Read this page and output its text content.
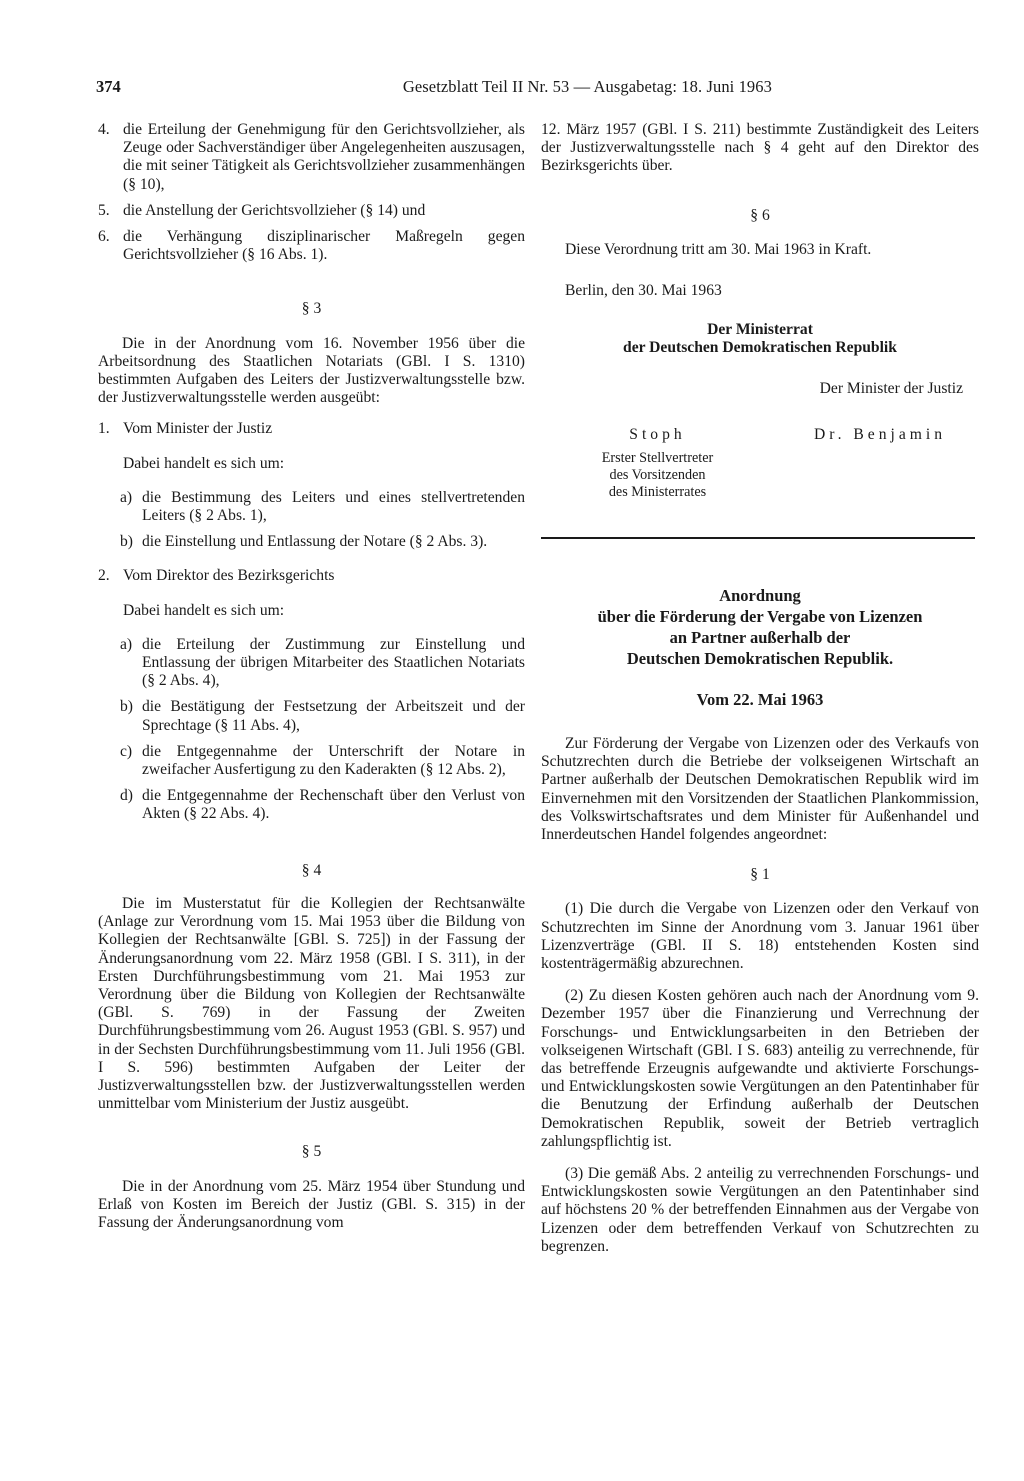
374	Gesetzblatt Teil II Nr. 53 — Ausgabetag: 18. Juni 1963
4. die Erteilung der Genehmigung für den Gerichtsvollzieher, als Zeuge oder Sachverständiger über Angelegenheiten auszusagen, die mit seiner Tätigkeit als Gerichtsvollzieher zusammenhängen (§ 10),
5. die Anstellung der Gerichtsvollzieher (§ 14) und
6. die Verhängung disziplinarischer Maßregeln gegen Gerichtsvollzieher (§ 16 Abs. 1).
§ 3

Die in der Anordnung vom 16. November 1956 über die Arbeitsordnung des Staatlichen Notariats (GBl. I S. 1310) bestimmten Aufgaben des Leiters der Justizverwaltungsstelle bzw. der Justizverwaltungsstelle werden ausgeübt:

1. Vom Minister der Justiz

Dabei handelt es sich um:

a) die Bestimmung des Leiters und eines stellvertretenden Leiters (§ 2 Abs. 1),
b) die Einstellung und Entlassung der Notare (§ 2 Abs. 3).
2. Vom Direktor des Bezirksgerichts

Dabei handelt es sich um:

a) die Erteilung der Zustimmung zur Einstellung und Entlassung der übrigen Mitarbeiter des Staatlichen Notariats (§ 2 Abs. 4),
b) die Bestätigung der Festsetzung der Arbeitszeit und der Sprechtage (§ 11 Abs. 4),
c) die Entgegennahme der Unterschrift der Notare in zweifacher Ausfertigung zu den Kaderakten (§ 12 Abs. 2),
d) die Entgegennahme der Rechenschaft über den Verlust von Akten (§ 22 Abs. 4).
§ 4

Die im Musterstatut für die Kollegien der Rechtsanwälte (Anlage zur Verordnung vom 15. Mai 1953 über die Bildung von Kollegien der Rechtsanwälte [GBl. S. 725]) in der Fassung der Änderungsanordnung vom 22. März 1958 (GBl. I S. 311), in der Ersten Durchführungsbestimmung vom 21. Mai 1953 zur Verordnung über die Bildung von Kollegien der Rechtsanwälte (GBl. S. 769) in der Fassung der Zweiten Durchführungsbestimmung vom 26. August 1953 (GBl. S. 957) und in der Sechsten Durchführungsbestimmung vom 11. Juli 1956 (GBl. I S. 596) bestimmten Aufgaben der Leiter der Justizverwaltungsstellen bzw. der Justizverwaltungsstellen werden unmittelbar vom Ministerium der Justiz ausgeübt.

§ 5

Die in der Anordnung vom 25. März 1954 über Stundung und Erlaß von Kosten im Bereich der Justiz (GBl. S. 315) in der Fassung der Änderungsanordnung vom

12. März 1957 (GBl. I S. 211) bestimmte Zuständigkeit des Leiters der Justizverwaltungsstelle nach § 4 geht auf den Direktor des Bezirksgerichts über.

§ 6

Diese Verordnung tritt am 30. Mai 1963 in Kraft.

Berlin, den 30. Mai 1963

Der Ministerrat
der Deutschen Demokratischen Republik
Der Minister der Justiz
Stoph
Erster Stellvertreter
des Vorsitzenden
des Ministerrates
Dr. Benjamin
Anordnung
über die Förderung der Vergabe von Lizenzen
an Partner außerhalb der
Deutschen Demokratischen Republik.
Vom 22. Mai 1963

Zur Förderung der Vergabe von Lizenzen oder des Verkaufs von Schutzrechten durch die Betriebe der volkseigenen Wirtschaft an Partner außerhalb der Deutschen Demokratischen Republik wird im Einvernehmen mit den Vorsitzenden der Staatlichen Plankommission, des Volkswirtschaftsrates und dem Minister für Außenhandel und Innerdeutschen Handel folgendes angeordnet:

§ 1

(1) Die durch die Vergabe von Lizenzen oder den Verkauf von Schutzrechten im Sinne der Anordnung vom 3. Januar 1961 über Lizenzverträge (GBl. II S. 18) entstehenden Kosten sind kostenträgermäßig abzurechnen.

(2) Zu diesen Kosten gehören auch nach der Anordnung vom 9. Dezember 1957 über die Finanzierung und Verrechnung der Forschungs- und Entwicklungsarbeiten in den Betrieben der volkseigenen Wirtschaft (GBl. I S. 683) anteilig zu verrechnende, für das betreffende Erzeugnis aufgewandte und aktivierte Forschungs- und Entwicklungskosten sowie Vergütungen an den Patentinhaber für die Benutzung der Erfindung außerhalb der Deutschen Demokratischen Republik, soweit der Betrieb vertraglich zahlungspflichtig ist.

(3) Die gemäß Abs. 2 anteilig zu verrechnenden Forschungs- und Entwicklungskosten sowie Vergütungen an den Patentinhaber sind auf höchstens 20 % der betreffenden Einnahmen aus der Vergabe von Lizenzen oder dem betreffenden Verkauf von Schutzrechten zu begrenzen.
